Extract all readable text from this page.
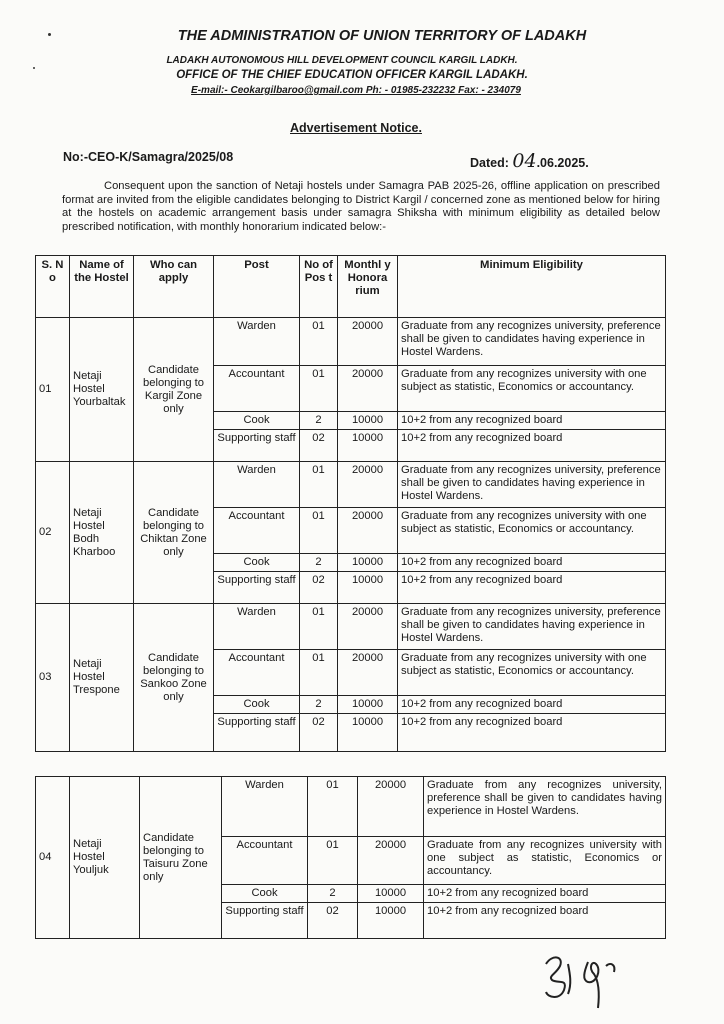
THE ADMINISTRATION OF UNION TERRITORY OF LADAKH
LADAKH AUTONOMOUS HILL DEVELOPMENT COUNCIL KARGIL LADKH.
OFFICE OF THE CHIEF EDUCATION OFFICER KARGIL LADAKH.
E-mail:- Ceokargilbaroo@gmail.com Ph: - 01985-232232 Fax: - 234079
Advertisement Notice.
No:-CEO-K/Samagra/2025/08	Dated: 04.06.2025.
Consequent upon the sanction of Netaji hostels under Samagra PAB 2025-26, offline application on prescribed format are invited from the eligible candidates belonging to District Kargil / concerned zone as mentioned below for hiring at the hostels on academic arrangement basis under samagra Shiksha with minimum eligibility as detailed below prescribed notification, with monthly honorarium indicated below:-
S. N o	Name of the Hostel	Who can apply	Post	No of Pos t	Monthl y Honora rium	Minimum Eligibility
01	Netaji Hostel Yourbaltak	Candidate belonging to Kargil Zone only	Warden	01	20000	Graduate from any recognizes university, preference shall be given to candidates having experience in Hostel Wardens.
			Accountant	01	20000	Graduate from any recognizes university with one subject as statistic, Economics or accountancy.
			Cook	2	10000	10+2 from any recognized board
			Supporting staff	02	10000	10+2 from any recognized board
02	Netaji Hostel Bodh Kharboo	Candidate belonging to Chiktan Zone only	Warden	01	20000	Graduate from any recognizes university, preference shall be given to candidates having experience in Hostel Wardens.
			Accountant	01	20000	Graduate from any recognizes university with one subject as statistic, Economics or accountancy.
			Cook	2	10000	10+2 from any recognized board
			Supporting staff	02	10000	10+2 from any recognized board
03	Netaji Hostel Trespone	Candidate belonging to Sankoo Zone only	Warden	01	20000	Graduate from any recognizes university, preference shall be given to candidates having experience in Hostel Wardens.
			Accountant	01	20000	Graduate from any recognizes university with one subject as statistic, Economics or accountancy.
			Cook	2	10000	10+2 from any recognized board
			Supporting staff	02	10000	10+2 from any recognized board
04	Netaji Hostel Youljuk	Candidate belonging to Taisuru Zone only	Warden	01	20000	Graduate from any recognizes university, preference shall be given to candidates having experience in Hostel Wardens.
			Accountant	01	20000	Graduate from any recognizes university with one subject as statistic, Economics or accountancy.
			Cook	2	10000	10+2 from any recognized board
			Supporting staff	02	10000	10+2 from any recognized board
